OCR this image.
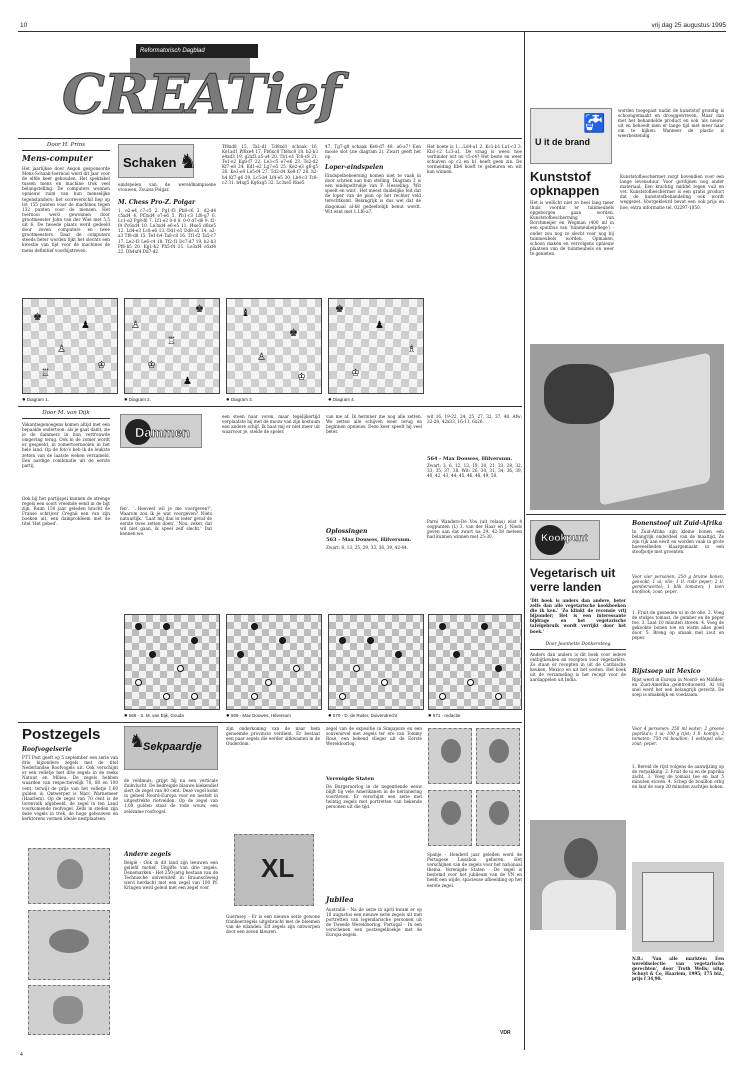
10	vrij dag 25 augustus 1995
Reformatorisch Dagblad
CREATief
Door H. Prins
Mens-computer
Het jaarlijkse door Aegon gesponsorde Mens-Schaak-toernooi werd dit jaar voor de elfde keer gehouden. Het spektakel tussen mens en machine trok veel belangstelling. De computers wonnen opnieuw ruim van hun menselijke tegenstanders; het scoreverschil liep op tot 155 punten voor de machines tegen 132 punten voor de mensen. Het toernooi werd gewonnen door grootmeester John van der Wiel met 5,5 uit 6. De tweede plaats werd gedeeld door zeven computers en twee grootmeesters. Daar de computers steeds beter worden lijkt het slechts een kwestie van tijd voor de machines de mens definitief voorbijstreven.
Schaken ♞
eindspelen van de wereldkampioene vrouwen, Zsuzsa Polgar.
M. Chess Pro-Z. Polgar
1. e2-e4 c7-c5 2. Pg1-f3 Pb8-c6 3. d2-d4 c5xd4 4. Pf3xd4 e7-e6 5. Pb1-c3 Lf8-g7 6. Lc1-e3 Pg8-f6 7. Lf1-e2 0-0 8. 0-0 d7-d6 9. f2-f4 Pc6xd4 10. Le3xd4 e6-e5 11. f4xe5 d6xe5 12. Ld4-e3 Lc8-e6 13. Dd1-e1 Dd8-a5 14. a2-a3 Tf8-d8 15. Te1-h4 Ta8-c8 16. Tf1-f2 Ta5-c7 17. Le2-f3 Le6-c4 18. Tf2-f1 Dc7-d7 19. h2-h3 Pf6-h5 20. Kg1-h2 Ph5-f4 21. Le3xf4 e5xf4 22. Dh4xf4 Dd7-d2
Tf8xd8 15. Ta1-d1 Td8xd1 schaak 16. Ke1xd1 Pf6xe4 17. Pb6xc8 Tb8xc8 18. b2-b3 e4xd3 19. g2xf3 a5-a4 20. Tb1-e1 Tc8-c8 21. Te1-e2 Kg8-f7 22. Le3-c5 e7-e6 23. Te2-d2 Kf7-e8 24. Kd1-e2 Lg7-e5 25. Ke2-e3 g6-g5 26. Ke3-e4 Le5-f4 27. Td2-d4 Ke8-f7 28. h2-h4 Kf7-g6 29. Lc5-b4 Lf4-e5 30. Lb4-c3 Tc8-c2 31. h4xg5 Kg6xg5 32. Lc3xe5 f6xe5
47. Tg7-g8 schaak Ke8-d7 48. a6-a7! Een mooie slot (zie diagram 2). Zwart geeft het op.
Loper-eindspelen
Eindspelbeheersing komen niet te vaak in door schriek aan hun stelling. Diagram 3 is een eindspeltrukje van F. Hesseling: 'Wit speelt en wint'. Het meest duidelijke feit dat de loper van de pion op het rechter veld terechtkomt. Belangrijk is dus wel dat de diagonaal al-h8 gedeeltelijk benut wordt. Wit wint met 1.Lf6-a7.
Het boete is 1....Ld4-a1 2. Kc1-b1 La1-c3 3. Kb1-c2 Lc3-a1. De vraag is wees: hoe verhinder wit nu c5-c4? Het beste en weer schuiven op c2 en b1 heeft geen zin. De vermelding Kb4 hoeft te gebeuren en wit kan winnen.
♚
♟
♙
♔
♖
● Diagram 1.
♚
♙
♖
♔
♟
● Diagram 2.
♝
♚
♙
♔
● Diagram 3.
♚
♟
♗
♔
● Diagram 4.
Door M. van Dijk
Vakantiegenoegens komen altijd met een bepaalde ondertoon: als je gaat damt, zie je de dammers in hun vertrouwde omgeving terug. Ook in de zomer wordt er gespeeld, in zomertoernooien in het hele land. Op de foto's heb ik de leukste zetten van de laatste weken verzameld. Een aardige combinatie uit de eerste partij.
Ook bij het partijspel kunnen de strenge regels een soort vreemde eend in de bijt zijn. Ruim 150 jaar geleden bracht de Franse schrijver Cregnil een van zijn boeken uit, een damprobleem met de titel 'Het gebed'.
Dammen
fen'. '...Heeveel wil je me voorgeven?', Waarom zou ik je wat voorgeven? Niets natuurlijk.' 'Laat mij dan in ieder geval de eerste twee zetten doen', 'Nou, zeker, dat wil niet gaan, ik speel zelf slecht.' Dat kennen we.
een steen naar voren, maar tegelijkertijd verplaatste hij met de mouw van zijn kostuum een andere schijf. Ik baat mij er niet meer uit waarvoor je, stelde de speler.
van me af. Ik herinner me nog alle zetten. We zetten alle schijven weer terug en beginnen opnieuw. Deze keer speelt hij veel beter.
Oplossingen
563 - Max Douwes, Hilversum.
Zwart: 8, 13, 25, 29, 33, 36, 39, 42-44.
wit 16, 19-22, 24, 25, 27, 32, 37, 48. Afw: 32-28, 42x33, 16-11, 6x26.
564 - Max Douwes, Hilversum.
Zwart: 3, 6, 12, 13, 19, 20, 21, 23, 28, 32, 33, 35, 37, 38. Wit: 26, 30, 31, 34, 36, 39, 40, 42, 43, 44, 45, 46, 48, 49, 50.
Parni Wanders-De Vos (uit relaas) wist 4 oogpunten (L) 3. van der Haar en J. Nieds geven aan dat zwart na 29. 42-38 meteen had kunnen winnen met 25-30.
● 568 - S. M. van Eijk, Gouda	● 569 - Max Douwes, Hilversum	● 570 - D. de Ruiter, Duivendrecht	● 571 - redactie
Postzegels
Roofvogelserie
PTT Post geeft op 5 september een serie van drie bijzondere zegels met de titel Nederlandse Roofvogels uit. Ook verschijnt er een velletje met drie zegels in de reeks Natuur en Milieu. De zegels hebben waarden van respectievelijk 70, 80 en 100 cent, terwijl de prijs van het velletje 1,60 gulden is. Ontwerper is Marc Warnemeer (Haarlem). Op de zegel van 70 cent is de torenvalk afgebeeld, de zegel in ten Land voorkomende roofvogel. Zelfs in steden zijn deze vogels in trek, de hoge gebouwen en kerktorens vormen ideale nestplaatsen.
Sekpaardje
♞
de veldmuis, grijpt hij na een verticale duikvlucht. De bedreigde blauwe kiekendief siert de zegel van 80 cent. Deze vogel komt in geheel Noord-Europa voor en nestelt in uitgestrekte rietvelden. Op de zegel van 1,00 gulden staat de rode wouw, een zeldzame roofvogel.
Andere zegels
België - Ook in dit land zijn leeuwen een geliefd motief. Uitgifte van drie zegels. Denemarken - Het 250-jarig bestaan van de Technische universiteit in Braunschweig werd herdacht met een zegel van 100 Pf. Kringen werd geleid met een zegel voor
zijn onderkoning van de naar hem genoemde provincie verdient. Er bestaat een paar zegels die eerder uitkwamen in de Ouderdom.
XL
Guernsey - Er is een nieuwe serie gewone frankeerzegels uitgebracht met de bloemen van de eilanden. Elf zegels zijn ontworpen door een zeven kleuren.
zegel van de expositie in Singapore en een souvenirvel met zegels ter ere van Tommy Rose, een bekend vlieger uit de Eerste Wereldoorlog.
Verenigde Staten
De Burgeroorlog in de negentiende eeuw blijft bij vele Amerikanen in de herinnering voortleven. Er verschijnt een serie met twintig zegels met portretten van bekende personen uit die tijd.
Jubilea
Australië - Na de serie in april kwam er op 10 augustus een nieuwe serie zegels uit met portretten van legendarische personen uit de Tweede Wereldoorlog. Portugal - In een verschenen een postzegelboekje met de Europa-zegels.
Spanje - Honderd jaar geleden werd de Portugese Lissabon geboren. Het verschijnen van de zegels voor het nationaal thema. Verenigde Staten - De zegel is bestemd voor het jubileum van de VN en heeft een wijde, spacieuse afbeelding op het eerste zegel.
VDR
U it de brand
🚰
worden toegepast nadat de kunststof grondig is schoongemaakt en drooggewreven. Maar dan met het behandelde product en ook 'als nieuw' uit en behoedt men er lange tijd niet meer naar om te kijken. Wanneer de plastic is weerbestendig.
Kunststof opknappen
Het is wellicht niet zo heel lang meer thuis voordat er tuinmeubels opgeborgen gaan worden. Kunststofbescherming van Borchmeijer en Wegman (400 ml in een spuitbus van 'tuinmeubelpflege') - onder zou nog zo slecht voor nog bij tuinmeubels worden. Opmaken, schoon maken en vervolgens opnieuw plaatsen van de tuinmeubels en weer te genieten.
Kunststofbeschermer zorgt bovendien voor een lange levensduur. Voor gordijnen nog ander materiaal. Een krachtig middel tegen vuil en vet. Kunststofbeschermer is een gratis product dat de kunststofbehandeling ook wordt weggezet. Voorgekleurd bevat een ook prijs en hoe, extra informatie tel. 02297-1050.
Kookpunt
Vegetarisch uit verre landen
'Dit boek is anders dan andere, beter zelfs dan alle vegetarische kookboeken die ik ken.' 'Zo klinkt de recensie vrij bijzonder; Het is een interessante bijdrage en het vegetarische tafelgebruik wordt verrijkt door het boek.'
Door Jeannette Donkersteeg
Anders dan anders is dit boek voor iedere ontbijtkeuken en recepten voor vegetariërs. Zo staan er recepten in uit de Caribische keuken, Mexico en uit het oosten. Het boek uit de verzameling is het recept voor de aardappelen uit India.
Bonenstoof uit Zuid-Afrika
In Zuid-Afrika zijn kleine bonen een belangrijk onderdeel van de maaltijd. Ze zijn rijk aan eiwit en worden vaak in grote hoeveelheden klaargemaakt in een stoofpotje met groenten.
Voor vier personen: 250 g bruine bonen, gekookt; 1 ui; olie; 1 tl. rode peper; 2 tl. gemberwortel; 1 blik tomaten; 1 teen knoflook; zout; peper.
1. Fruit de gesneden ui in de olie. 2. Voeg de stukjes tomaat, de gember en de peper toe. 3. Laat 10 minuten stoven. 4. Voeg de gekookte bonen toe en warm alles goed door. 5. Breng op smaak met zout en peper.
Rijstsoep uit Mexico
Rijst werd in Europa in Noord- en Midden- en Zuid-Amerika geïntroduceerd. Al vrij snel werd het een belangrijk gerecht. De soep is smakelijk en voedzaam.
Voor 4 personen: 250 ml water; 2 groene paprika's; 1 ui; 100 g rijst; 1 tl. komijn; 2 tomaten; 750 ml bouillon; 1 eetlepel olie; zout; peper.
1. Bereid de rijst volgens de aanwijzing op de verpakking. 2. Fruit de ui en de paprika zacht. 3. Voeg de tomaat toe en laat 5 minuten stoven. 4. Schep de bouillon erbij en laat de soep 20 minuten zachtjes koken.
N.B.: 'Van alle markten: Een wereldselectie van vegetarische gerechten', door Troth Wells; uitg. Schuyt & Co, Haarlem, 1995; 175 blz., prijs f 34,90.
4
